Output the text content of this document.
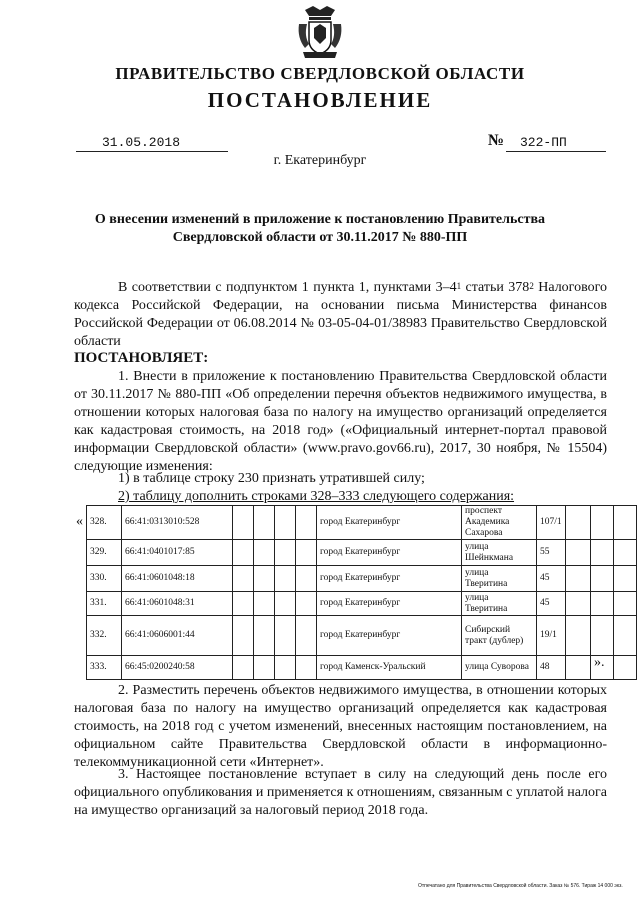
ПРАВИТЕЛЬСТВО СВЕРДЛОВСКОЙ ОБЛАСТИ
ПОСТАНОВЛЕНИЕ
31.05.2018	№ 322-ПП
г. Екатеринбург
О внесении изменений в приложение к постановлению Правительства
Свердловской области от 30.11.2017 № 880-ПП
В соответствии с подпунктом 1 пункта 1, пунктами $3-4^1$ статьи $378^2$ Налогового кодекса Российской Федерации, на основании письма Министерства финансов Российской Федерации от 06.08.2014 № 03-05-04-01/38983 Правительство Свердловской области
ПОСТАНОВЛЯЕТ:
1. Внести в приложение к постановлению Правительства Свердловской области от 30.11.2017 № 880-ПП «Об определении перечня объектов недвижимого имущества, в отношении которых налоговая база по налогу на имущество организаций определяется как кадастровая стоимость, на 2018 год» («Официальный интернет-портал правовой информации Свердловской области» (www.pravo.gov66.ru), 2017, 30 ноября, № 15504) следующие изменения:
1) в таблице строку 230 признать утратившей силу;
2) таблицу дополнить строками 328–333 следующего содержания:
« 328.	66:41:0313010:528					город Екатеринбург	проспект Академика Сахарова	107/1			
329.	66:41:0401017:85					город Екатеринбург	улица Шейнкмана	55			
330.	66:41:0601048:18					город Екатеринбург	улица Тверитина	45			
331.	66:41:0601048:31					город Екатеринбург	улица Тверитина	45			
332.	66:41:0606001:44					город Екатеринбург	Сибирский тракт (дублер)	19/1			
333.	66:45:0200240:58					город Каменск-Уральский	улица Суворова	48				».
2. Разместить перечень объектов недвижимого имущества, в отношении которых налоговая база по налогу на имущество организаций определяется как кадастровая стоимость, на 2018 год с учетом изменений, внесенных настоящим постановлением, на официальном сайте Правительства Свердловской области в информационно-телекоммуникационной сети «Интернет».
3. Настоящее постановление вступает в силу на следующий день после его официального опубликования и применяется к отношениям, связанным с уплатой налога на имущество организаций за налоговый период 2018 года.
Отпечатано для Правительства Свердловской области. Заказ № 576. Тираж 14 000 экз.
